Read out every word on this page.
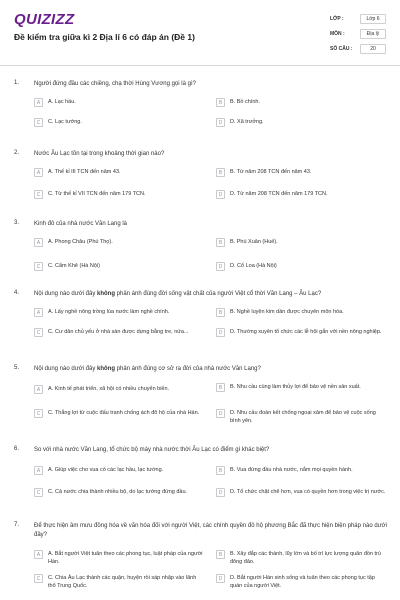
QUIZIZZ
Đề kiểm tra giữa kì 2 Địa lí 6 có đáp án (Đề 1)
LỚP :	Lớp 6
MÔN :	Địa lý
SỐ CÂU :	20
1. Người đứng đầu các chiềng, chạ thời Hùng Vương gọi là gì?
A	A. Lạc hầu.	B	B. Bồ chính.
C	C. Lạc tướng.	D	D. Xã trưởng.
2. Nước Âu Lạc tồn tại trong khoảng thời gian nào?
A	A. Thế kỉ III TCN đến năm 43.	B	B. Từ năm 208 TCN đến năm 43.
C	C. Từ thế kỉ VII TCN đến năm 179 TCN.	D	D. Từ năm 208 TCN đến năm 179 TCN.
3. Kinh đô của nhà nước Văn Lang là
A	A. Phong Châu (Phú Thọ).	B	B. Phú Xuân (Huế).
C	C. Cẩm Khê (Hà Nội)	D	D. Cổ Loa (Hà Nội)
4. Nội dung nào dưới đây không phản ánh đúng đời sống vật chất của người Việt cổ thời Văn Lang – Âu Lạc?
A	A. Lấy nghề nông trồng lúa nước làm nghề chính.	B	B. Nghề luyện kim dần được chuyên môn hóa.
C	C. Cư dân chủ yếu ở nhà sàn được dựng bằng tre, nứa...	D	D. Thường xuyên tổ chức các lễ hội gắn với nền nông nghiệp.
5. Nội dung nào dưới đây không phản ánh đúng cơ sở ra đời của nhà nước Văn Lang?
A	A. Kinh tế phát triển, xã hội có nhiều chuyển biến.	B	B. Nhu cầu cùng làm thủy lợi để bảo vệ nền sản xuất.
C	C. Thắng lợi từ cuộc đấu tranh chống ách đô hộ của nhà Hán.	D	D. Nhu cầu đoàn kết chống ngoại xâm để bảo vệ cuộc sống bình yên.
6. So với nhà nước Văn Lang, tổ chức bộ máy nhà nước thời Âu Lạc có điểm gì khác biệt?
A	A. Giúp việc cho vua có các lạc hầu, lạc tướng.	B	B. Vua đứng đầu nhà nước, nắm mọi quyền hành.
C	C. Cả nước chia thành nhiều bộ, do lạc tướng đứng đầu.	D	D. Tổ chức chặt chẽ hơn, vua có quyền hơn trong việc trị nước.
7. Để thực hiện âm mưu đồng hóa về văn hóa đối với người Việt, các chính quyền đô hộ phương Bắc đã thực hiện biện pháp nào dưới đây?
A	A. Bắt người Việt tuân theo các phong tục, luật pháp của người Hán.
B	B. Xây đắp các thành, lũy lớn và bố trí lực lượng quân đồn trú đông đảo.
C	C. Chia Âu Lạc thành các quận, huyện rồi sáp nhập vào lãnh thổ Trung Quốc.
D	D. Bắt người Hán sinh sống và tuân theo các phong tục tập quán của người Việt.
